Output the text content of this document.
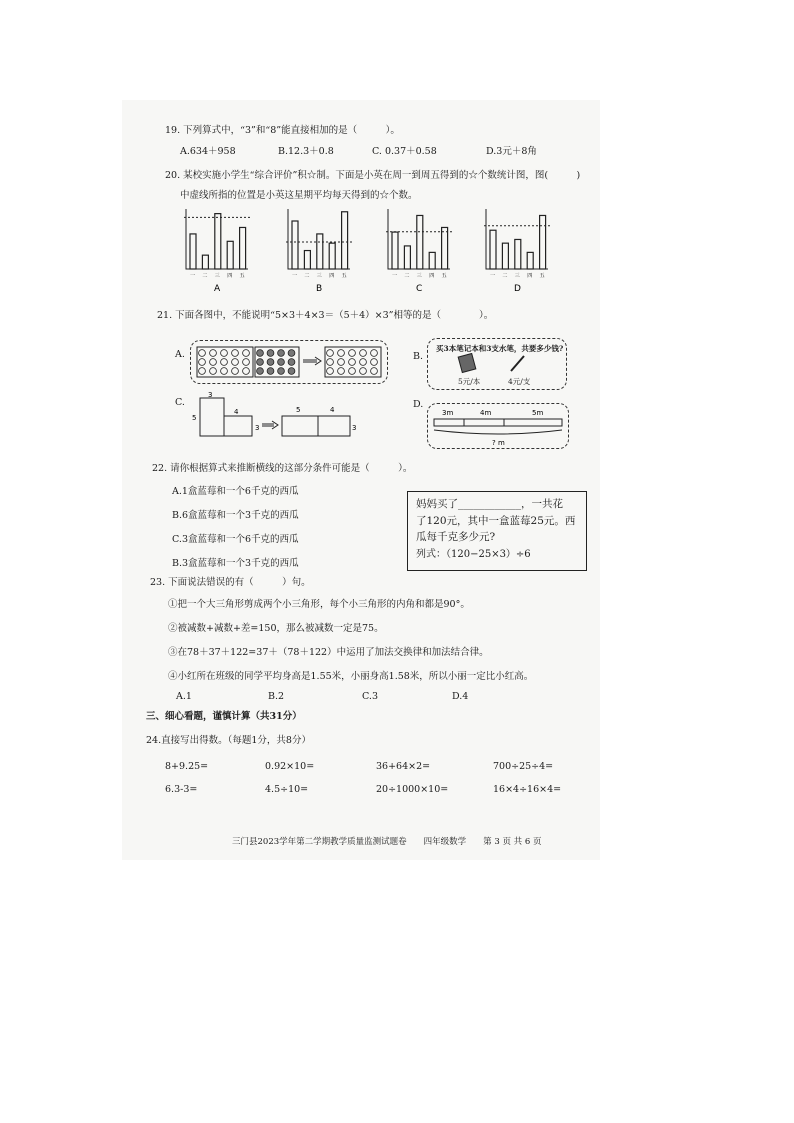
19. 下列算式中，“3”和“8”能直接相加的是（　　　）。
A.634＋958	B.12.3＋0.8	C. 0.37＋0.58	D.3元＋8角
20. 某校实施小学生“综合评价”积☆制。下面是小英在周一到周五得到的☆个数统计图，图(　　　)
中虚线所指的位置是小英这星期平均每天得到的☆个数。
一 二 三 四 五
A
一 二 三 四 五
B
一 二 三 四 五
C
一 二 三 四 五
D
21. 下面各图中，不能说明“5×3＋4×3＝（5＋4）×3”相等的是（　　　　）。
A.	B.
买3本笔记本和3支水笔，共要多少钱?
5元/本	4元/支
C.
3
5
4
3
5	4
3
D.
3m	4m	5m
? m
22. 请你根据算式来推断横线的这部分条件可能是（　　　）。
A.1盒蓝莓和一个6千克的西瓜
B.6盒蓝莓和一个3千克的西瓜
C.3盒蓝莓和一个6千克的西瓜
B.3盒蓝莓和一个3千克的西瓜
妈妈买了____________，一共花
了120元，其中一盒蓝莓25元。西
瓜每千克多少元?
列式：（120−25×3）÷6
23. 下面说法错误的有（　　　）句。
①把一个大三角形剪成两个小三角形，每个小三角形的内角和都是90°。
②被减数+减数+差=150，那么被减数一定是75。
③在78＋37＋122=37＋（78＋122）中运用了加法交换律和加法结合律。
④小红所在班级的同学平均身高是1.55米，小丽身高1.58米，所以小丽一定比小红高。
A.1	B.2	C.3	D.4
三、细心看题，谨慎计算（共31分）
24.直接写出得数。（每题1分，共8分）
8+9.25=	0.92×10=	36+64×2=	700÷25÷4=
6.3-3=	4.5÷10=	20÷1000×10=	16×4÷16×4=
三门县2023学年第二学期教学质量监测试题卷　　四年级数学　　第 3 页 共 6 页
